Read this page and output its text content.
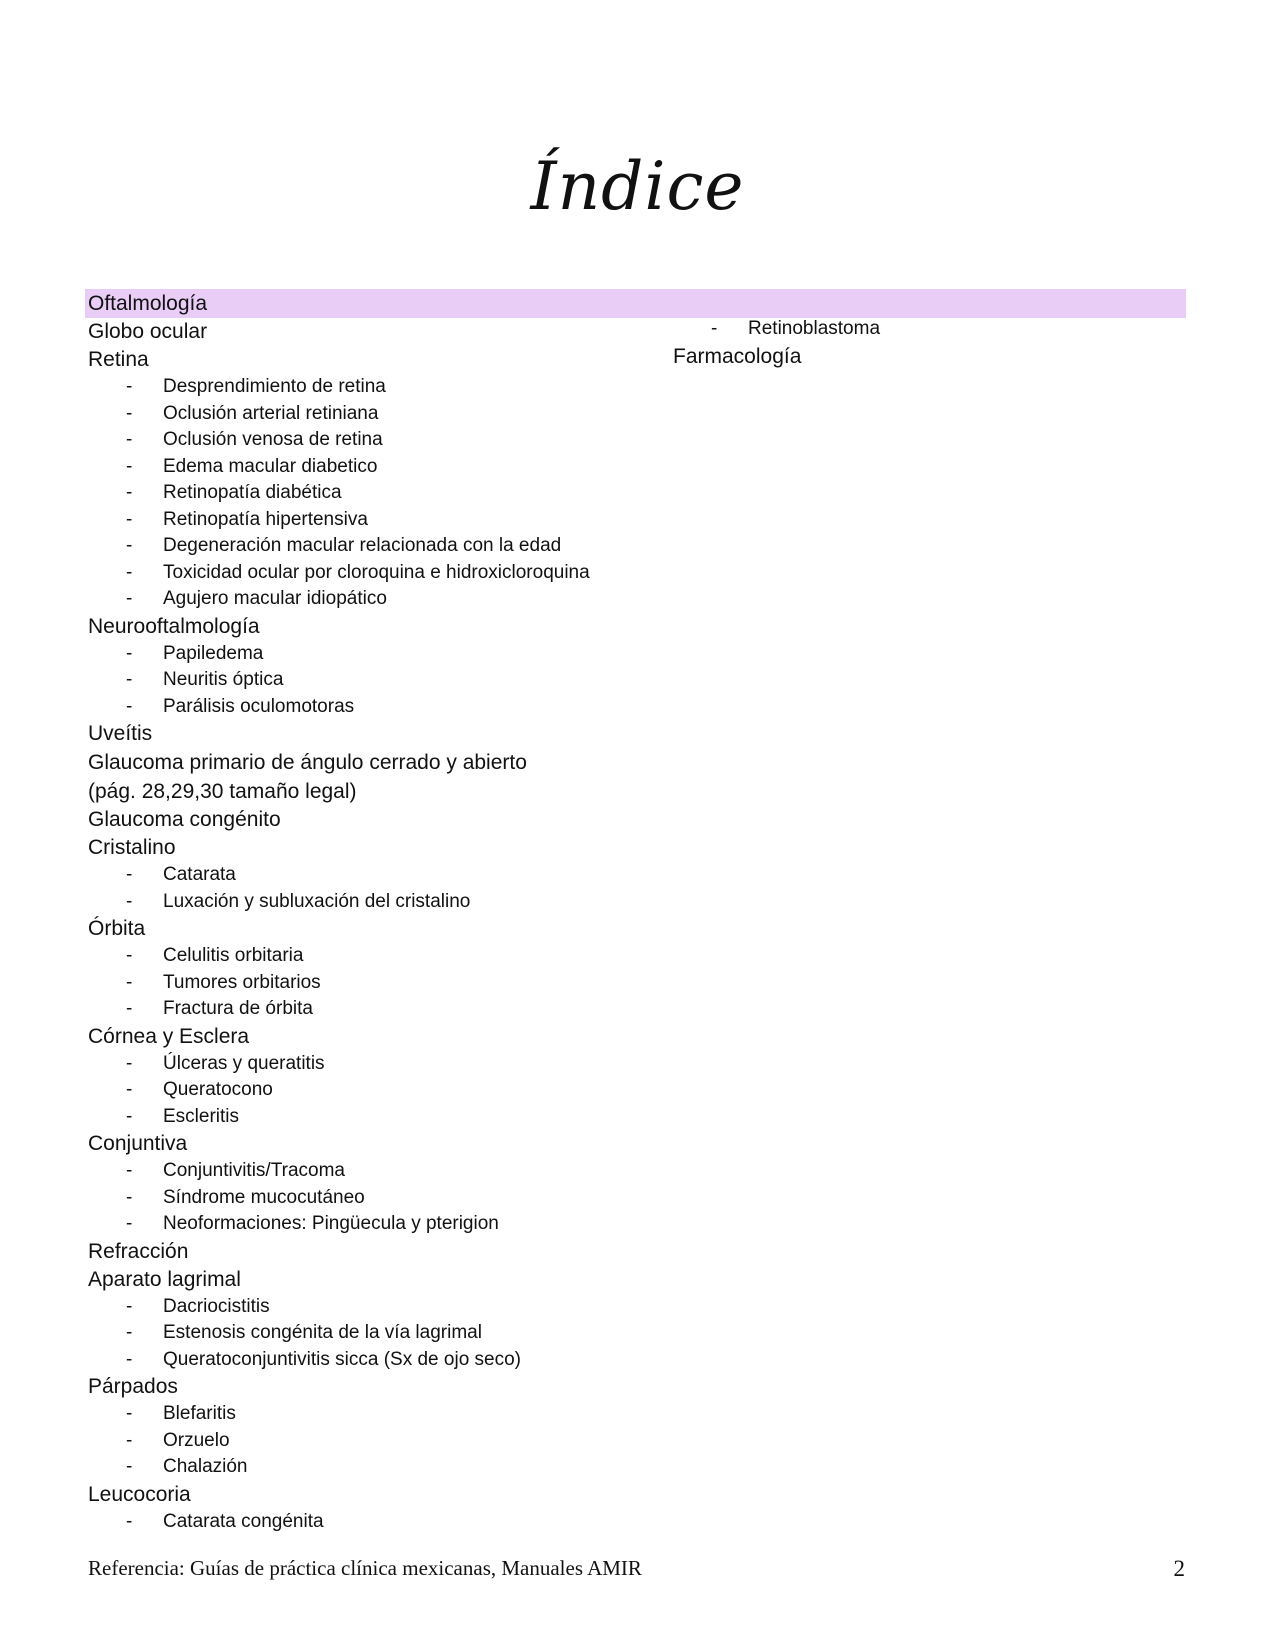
Índice
Oftalmología
Globo ocular
Retina
- Desprendimiento de retina
- Oclusión arterial retiniana
- Oclusión venosa de retina
- Edema macular diabetico
- Retinopatía diabética
- Retinopatía hipertensiva
- Degeneración macular relacionada con la edad
- Toxicidad ocular por cloroquina e hidroxicloroquina
- Agujero macular idiopático
Neurooftalmología
- Papiledema
- Neuritis óptica
- Parálisis oculomotoras
Uveítis
Glaucoma primario de ángulo cerrado y abierto (pág. 28,29,30 tamaño legal)
Glaucoma congénito
Cristalino
- Catarata
- Luxación y subluxación del cristalino
Órbita
- Celulitis orbitaria
- Tumores orbitarios
- Fractura de órbita
Córnea y Esclera
- Úlceras y queratitis
- Queratocono
- Escleritis
Conjuntiva
- Conjuntivitis/Tracoma
- Síndrome mucocutáneo
- Neoformaciones: Pingüecula y pterigion
Refracción
Aparato lagrimal
- Dacriocistitis
- Estenosis congénita de la vía lagrimal
- Queratoconjuntivitis sicca (Sx de ojo seco)
Párpados
- Blefaritis
- Orzuelo
- Chalazión
Leucocoria
- Catarata congénita
- Retinoblastoma
Farmacología
Referencia: Guías de práctica clínica mexicanas, Manuales AMIR	2
